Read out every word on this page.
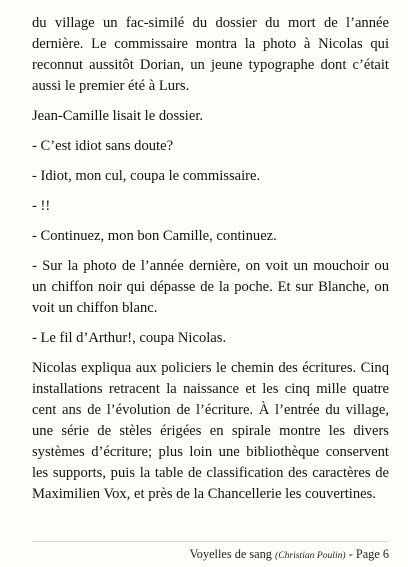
du village un fac-similé du dossier du mort de l’année dernière. Le commissaire montra la photo à Nicolas qui reconnut aussitôt Dorian, un jeune typographe dont c’était aussi le premier été à Lurs.

Jean-Camille lisait le dossier.

- C’est idiot sans doute?

- Idiot, mon cul, coupa le commissaire.

- !!

- Continuez, mon bon Camille, continuez.

- Sur la photo de l’année dernière, on voit un mouchoir ou un chiffon noir qui dépasse de la poche. Et sur Blanche, on voit un chiffon blanc.

- Le fil d’Arthur!, coupa Nicolas.

Nicolas expliqua aux policiers le chemin des écritures. Cinq installations retracent la naissance et les cinq mille quatre cent ans de l’évolution de l’écriture. À l’entrée du village, une série de stèles érigées en spirale montre les divers systèmes d’écriture; plus loin une bibliothèque conservent les supports, puis la table de classification des caractères de Maximilien Vox, et près de la Chancellerie les couvertines.

Voyelles de sang (Christian Poulin) - Page 6
